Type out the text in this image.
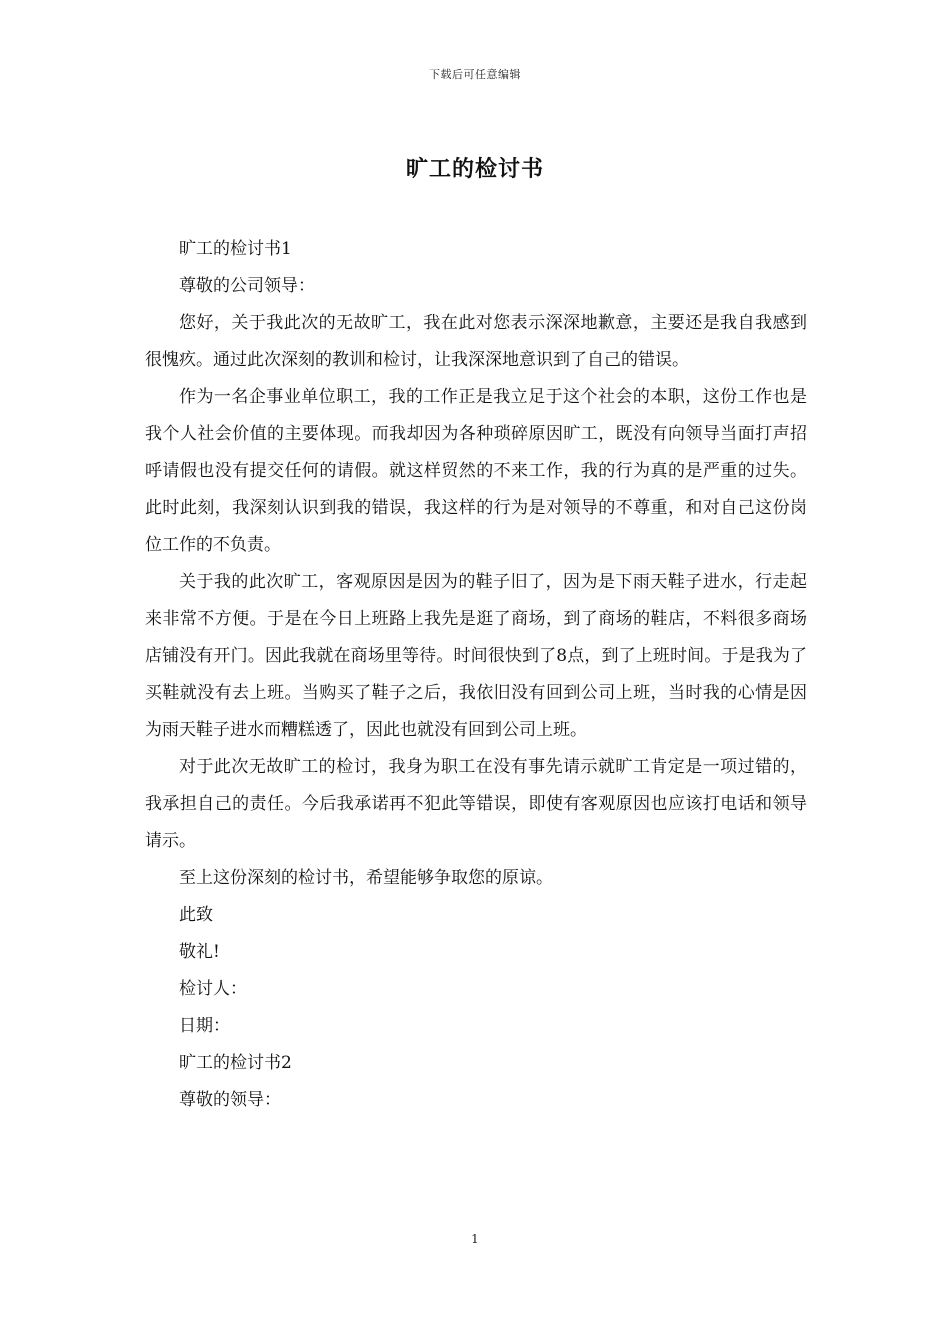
下载后可任意编辑
旷工的检讨书

旷工的检讨书1

尊敬的公司领导：

您好，关于我此次的无故旷工，我在此对您表示深深地歉意，主要还是我自我感到很愧疚。通过此次深刻的教训和检讨，让我深深地意识到了自己的错误。

作为一名企事业单位职工，我的工作正是我立足于这个社会的本职，这份工作也是我个人社会价值的主要体现。而我却因为各种琐碎原因旷工，既没有向领导当面打声招呼请假也没有提交任何的请假。就这样贸然的不来工作，我的行为真的是严重的过失。此时此刻，我深刻认识到我的错误，我这样的行为是对领导的不尊重，和对自己这份岗位工作的不负责。

关于我的此次旷工，客观原因是因为的鞋子旧了，因为是下雨天鞋子进水，行走起来非常不方便。于是在今日上班路上我先是逛了商场，到了商场的鞋店，不料很多商场店铺没有开门。因此我就在商场里等待。时间很快到了8点，到了上班时间。于是我为了买鞋就没有去上班。当购买了鞋子之后，我依旧没有回到公司上班，当时我的心情是因为雨天鞋子进水而糟糕透了，因此也就没有回到公司上班。

对于此次无故旷工的检讨，我身为职工在没有事先请示就旷工肯定是一项过错的，我承担自己的责任。今后我承诺再不犯此等错误，即使有客观原因也应该打电话和领导请示。

至上这份深刻的检讨书，希望能够争取您的原谅。

此致

敬礼!

检讨人：

日期：

旷工的检讨书2

尊敬的领导：

1
